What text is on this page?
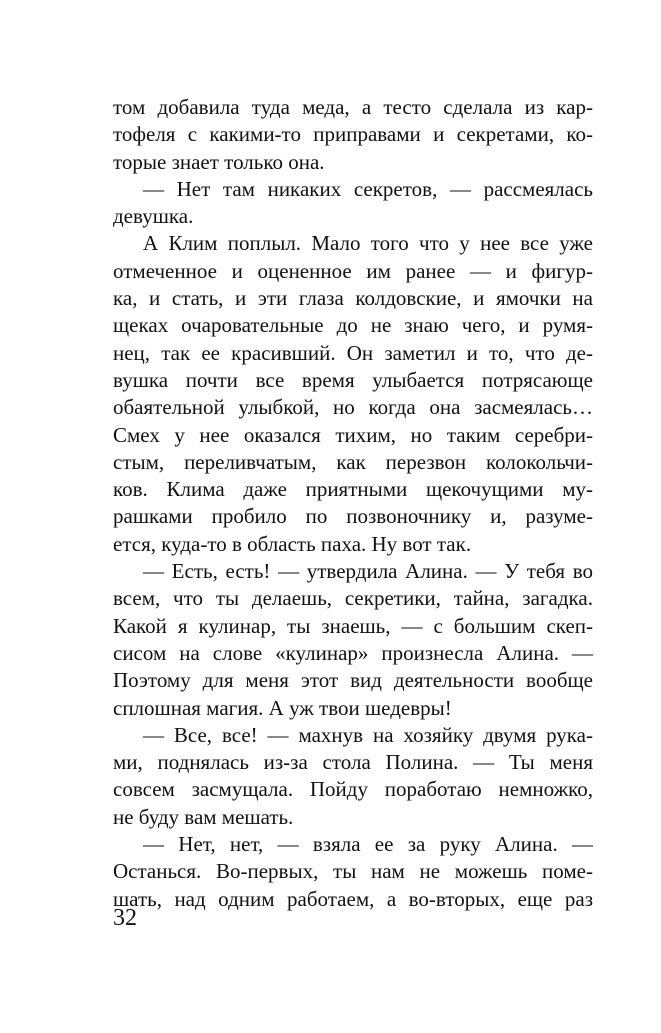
том добавила туда меда, а тесто сделала из кар-
тофеля с какими-то приправами и секретами, ко-
торые знает только она.
— Нет там никаких секретов, — рассмеялась
девушка.
А Клим поплыл. Мало того что у нее все уже
отмеченное и оцененное им ранее — и фигур-
ка, и стать, и эти глаза колдовские, и ямочки на
щеках очаровательные до не знаю чего, и румя-
нец, так ее красивший. Он заметил и то, что де-
вушка почти все время улыбается потрясающе
обаятельной улыбкой, но когда она засмеялась…
Смех у нее оказался тихим, но таким серебри-
стым, переливчатым, как перезвон колокольчи-
ков. Клима даже приятными щекочущими му-
рашками пробило по позвоночнику и, разуме-
ется, куда-то в область паха. Ну вот так.
— Есть, есть! — утвердила Алина. — У тебя во
всем, что ты делаешь, секретики, тайна, загадка.
Какой я кулинар, ты знаешь, — с большим скеп-
сисом на слове «кулинар» произнесла Алина. —
Поэтому для меня этот вид деятельности вообще
сплошная магия. А уж твои шедевры!
— Все, все! — махнув на хозяйку двумя рука-
ми, поднялась из-за стола Полина. — Ты меня
совсем засмущала. Пойду поработаю немножко,
не буду вам мешать.
— Нет, нет, — взяла ее за руку Алина. —
Останься. Во-первых, ты нам не можешь поме-
шать, над одним работаем, а во-вторых, еще раз
32
